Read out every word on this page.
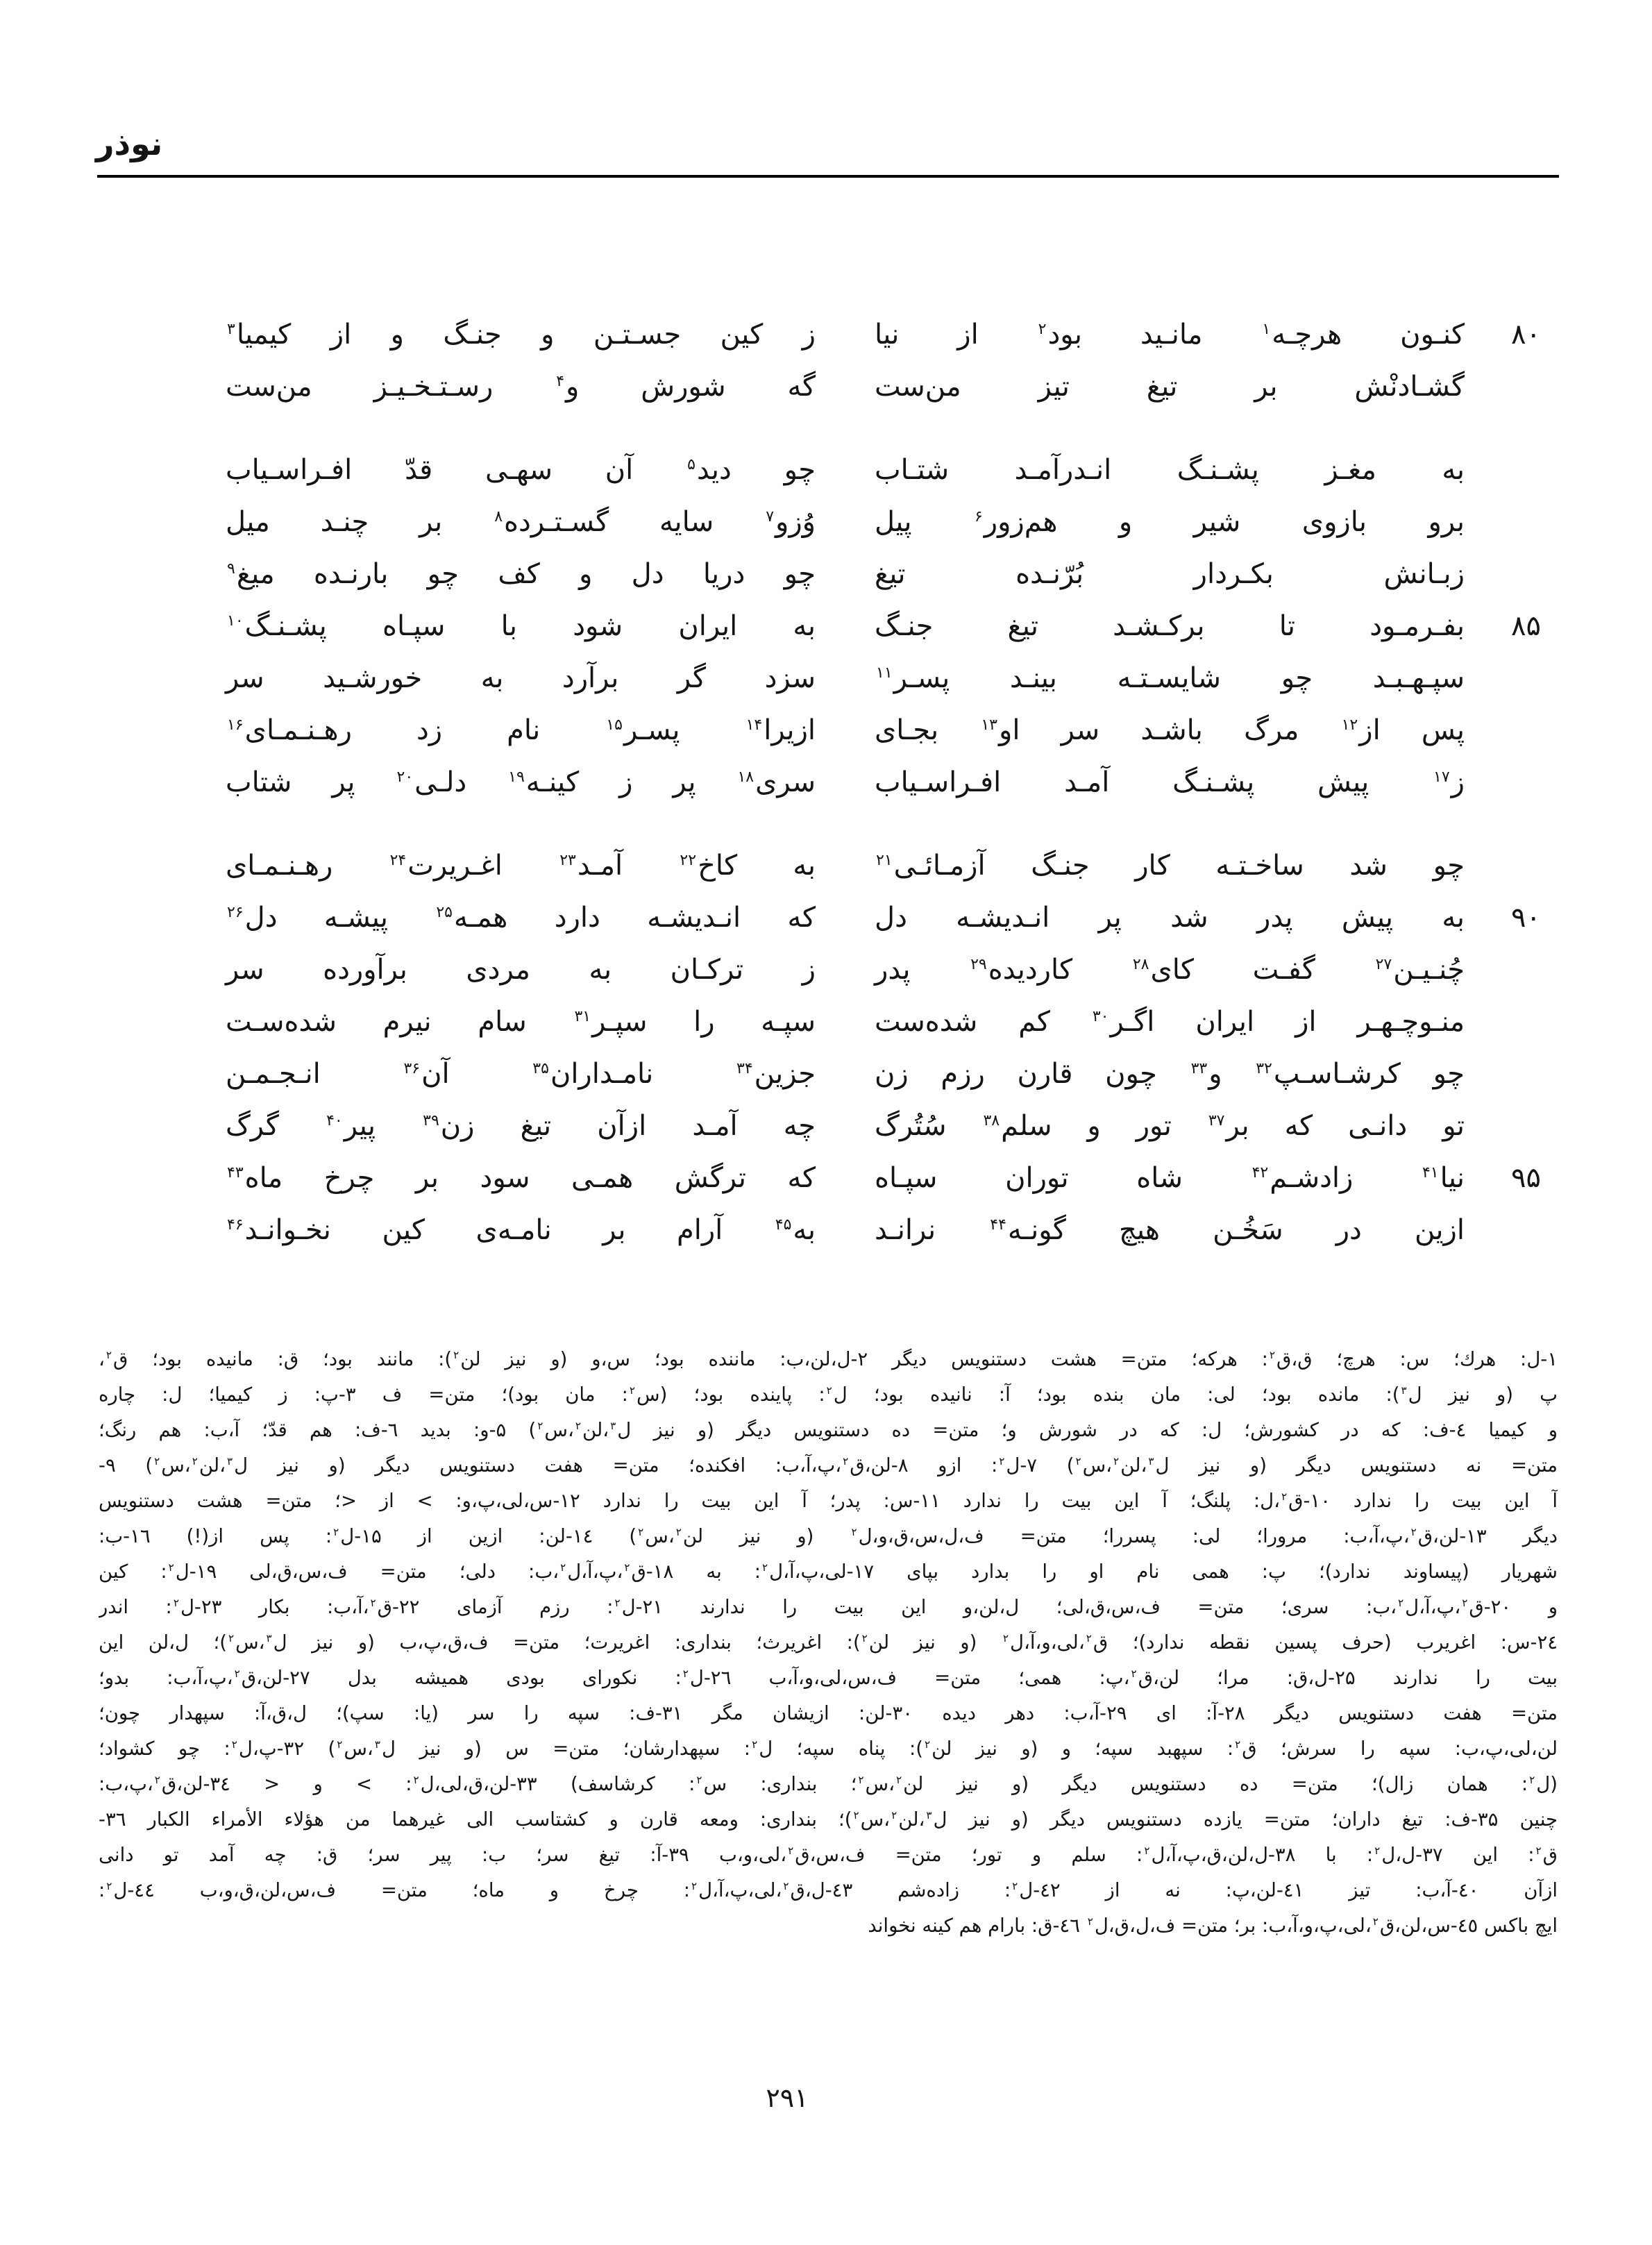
نوذر
۸۰
کنـون هرچـه$^۱$ مانـید بود$^۲$ از نیا
ز کین جسـتـن و جنـگ و از کیمیا$^۳$
گشـادنْش بر تیغ تیز من‌ست
گه شورش و$^۴$ رسـتـخـیـز من‌ست
به مغـز پشـنـگ انـدرآمـد شتـاب
چو دید$^۵$ آن سهـی قدّ افـراسـیاب
برو بازوی شیر و هم‌زور$^۶$ پیل
وُزو$^۷$ سایه گسـتـرده$^۸$ بر چنـد میل
زبـانش بکـردار بُرّنـده تیغ
چو دریا دل و کف چو بارنـده میغ$^۹$
۸۵
بفـرمـود تا برکـشـد تیغ جنـگ
به ایران شود با سپـاه پشـنـگ$^{۱۰}$
سپـهـبـد چو شایسـتـه بینـد پسـر$^{۱۱}$
سزد گر برآرد به خورشـید سر
پس از$^{۱۲}$ مرگ باشـد سر او$^{۱۳}$ بجـای
ازیرا$^{۱۴}$ پسـر$^{۱۵}$ نام زد رهـنـمـای$^{۱۶}$
ز$^{۱۷}$ پیش پشـنـگ آمـد افـراسـیاب
سری$^{۱۸}$ پر ز کینـه$^{۱۹}$ دلـی$^{۲۰}$ پر شتاب
چو شد ساخـتـه کار جنـگ آزمـائـی$^{۲۱}$
به کاخ$^{۲۲}$ آمـد$^{۲۳}$ اغـریرت$^{۲۴}$ رهـنـمـای
۹۰
به پیش پدر شد پر انـدیشـه دل
که انـدیشـه دارد همـه$^{۲۵}$ پیشـه دل$^{۲۶}$
چُنـیـن$^{۲۷}$ گفـت کای$^{۲۸}$ کاردیده$^{۲۹}$ پدر
ز ترکـان به مردی برآورده سر
منـوچـهـر از ایران اگـر$^{۳۰}$ کم شده‌ست
سپـه را سپـر$^{۳۱}$ سام نیرم شده‌سـت
چو کرشـاسـپ$^{۳۲}$ و$^{۳۳}$ چون قارن رزم زن
جزین$^{۳۴}$ نامـداران$^{۳۵}$ آن$^{۳۶}$ انـجـمـن
تو دانـی که بر$^{۳۷}$ تور و سلم$^{۳۸}$ سُتُرگ
چه آمـد ازآن تیغ زن$^{۳۹}$ پیر$^{۴۰}$ گرگ
۹۵
نیا$^{۴۱}$ زادشـم$^{۴۲}$ شاه توران سپـاه
که ترگش همـی سود بر چرخ ماه$^{۴۳}$
ازین در سَخُـن هیچ گونـه$^{۴۴}$ نرانـد
به$^{۴۵}$ آرام بر نامـه‌ی کین نخـوانـد$^{۴۶}$
۱-ل: هرك؛ س: هرچ؛ ق،ق$^۲$: هرکه؛ متن= هشت دستنویس دیگر ۲-ل،لن،ب: ماننده بود؛ س،و (و نیز لن$^۲$): مانند بود؛ ق: مانیده بود؛ ق$^۲$،
پ (و نیز ل$^۳$): مانده بود؛ لی: مان بنده بود؛ آ: نانیده بود؛ ل$^۲$: پاینده بود؛ (س$^۲$: مان بود)؛ متن= ف ۳-پ: ز کیمیا؛ ل: چاره
و کیمیا ٤-ف: که در کشورش؛ ل: که در شورش و؛ متن= ده دستنویس دیگر (و نیز ل$^۳$،لن$^۲$،س$^۲$) ۵-و: بدید ٦-ف: هم قدّ؛ آ،ب: هم رنگ؛
متن= نه دستنویس دیگر (و نیز ل$^۳$،لن$^۲$،س$^۲$) ۷-ل$^۲$: ازو ۸-لن،ق$^۲$،پ،آ،ب: افکنده؛ متن= هفت دستنویس دیگر (و نیز ل$^۳$،لن$^۲$،س$^۲$) ۹-
آ این بیت را ندارد ۱۰-ق$^۲$،ل: پلنگ؛ آ این بیت را ندارد ۱۱-س: پدر؛ آ این بیت را ندارد ۱۲-س،لی،پ،و: > از <؛ متن= هشت دستنویس
دیگر ۱۳-لن،ق$^۲$،پ،آ،ب: مرورا؛ لی: پسررا؛ متن= ف،ل،س،ق،و،ل$^۲$ (و نیز لن$^۲$،س$^۲$) ۱٤-لن: ازین از ۱۵-ل$^۲$: پس از(!) ۱٦-ب:
شهریار (پیساوند ندارد)؛ پ: همی نام او را بدارد بپای ۱۷-لی،پ،آ،ل$^۲$: به ۱۸-ق$^۲$،پ،آ،ل$^۲$،ب: دلی؛ متن= ف،س،ق،لی ۱۹-ل$^۲$: کین
و ۲۰-ق$^۲$،پ،آ،ل$^۲$،ب: سری؛ متن= ف،س،ق،لی؛ ل،لن،و این بیت را ندارند ۲۱-ل$^۲$: رزم آزمای ۲۲-ق$^۲$،آ،ب: بکار ۲۳-ل$^۲$: اندر
۲٤-س: اغریرب (حرف پسین نقطه ندارد)؛ ق$^۲$،لی،و،آ،ل$^۲$ (و نیز لن$^۲$): اغریرث؛ بنداری: اغریرت؛ متن= ف،ق،پ،ب (و نیز ل$^۳$،س$^۲$)؛ ل،لن این
بیت را ندارند ۲۵-ل،ق: مرا؛ لن،ق$^۲$،پ: همی؛ متن= ف،س،لی،و،آ،ب ۲٦-ل$^۲$: نکورای بودی همیشه بدل ۲۷-لن،ق$^۲$،پ،آ،ب: بدو؛
متن= هفت دستنویس دیگر ۲۸-آ: ای ۲۹-آ،ب: دهر دیده ۳۰-لن: ازیشان مگر ۳۱-ف: سپه را سر (یا: سپ)؛ ل،ق،آ: سپهدار چون؛
لن،لی،پ،ب: سپه را سرش؛ ق$^۲$: سپهبد سپه؛ و (و نیز لن$^۲$): پناه سپه؛ ل$^۲$: سپهدارشان؛ متن= س (و نیز ل$^۳$،س$^۲$) ۳۲-پ،ل$^۲$: چو کشواد؛
(ل$^۲$: همان زال)؛ متن= ده دستنویس دیگر (و نیز لن$^۲$،س$^۲$؛ بنداری: س$^۲$: کرشاسف) ۳۳-لن،ق،لی،ل$^۲$: > و < ۳٤-لن،ق$^۲$،پ،ب:
چنین ۳۵-ف: تیغ داران؛ متن= یازده دستنویس دیگر (و نیز ل$^۳$،لن$^۲$،س$^۲$)؛ بنداری: ومعه قارن و کشتاسب الی غیرهما من هؤلاء الأمراء الکبار ۳٦-
ق$^۲$: این ۳۷-ل،ل$^۲$: با ۳۸-ل،لن،ق،پ،آ،ل$^۲$: سلم و تور؛ متن= ف،س،ق$^۲$،لی،و،ب ۳۹-آ: تیغ سر؛ ب: پیر سر؛ ق: چه آمد تو دانی
ازآن ٤٠-آ،ب: تیز ٤١-لن،پ: نه از ٤٢-ل$^۲$: زاده‌شم ٤٣-ل،ق$^۲$،لی،پ،آ،ل$^۲$: چرخ و ماه؛ متن= ف،س،لن،ق،و،ب ٤٤-ل$^۲$:
ایچ باکس ٤٥-س،لن،ق$^۲$،لی،پ،و،آ،ب: بر؛ متن= ف،ل،ق،ل$^۲$ ٤٦-ق: بارام هم کینه نخواند
۲۹۱
